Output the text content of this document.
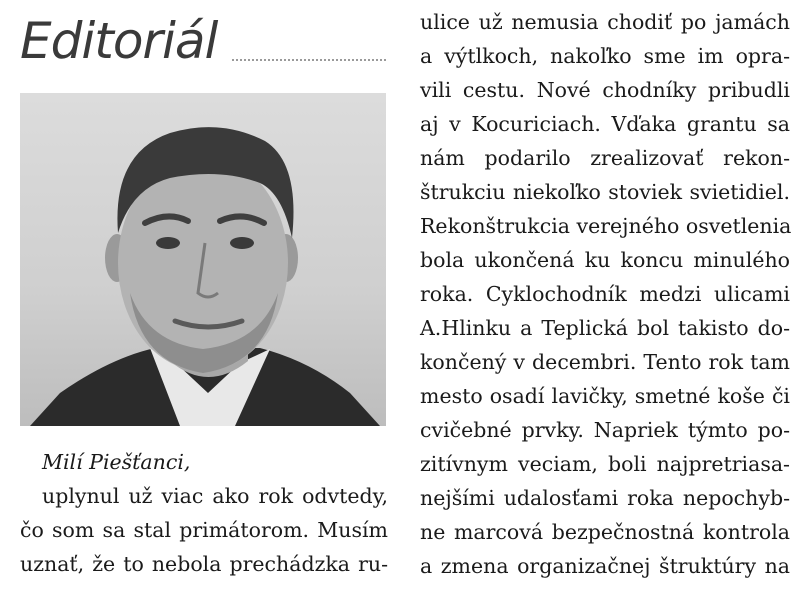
Editoriál
Milí Piešťanci,
uplynul už viac ako rok odvtedy,
čo som sa stal primátorom. Musím
uznať, že to nebola prechádzka ru-
ulice už nemusia chodiť po jamách
a výtlkoch, nakoľko sme im opra-
vili cestu. Nové chodníky pribudli
aj v Kocuriciach. Vďaka grantu sa
nám podarilo zrealizovať rekon-
štrukciu niekoľko stoviek svietidiel.
Rekonštrukcia verejného osvetlenia
bola ukončená ku koncu minulého
roka. Cyklochodník medzi ulicami
A.Hlinku a Teplická bol takisto do-
končený v decembri. Tento rok tam
mesto osadí lavičky, smetné koše či
cvičebné prvky. Napriek týmto po-
zitívnym veciam, boli najpretriasa-
nejšími udalosťami roka nepochyb-
ne marcová bezpečnostná kontrola
a zmena organizačnej štruktúry na
